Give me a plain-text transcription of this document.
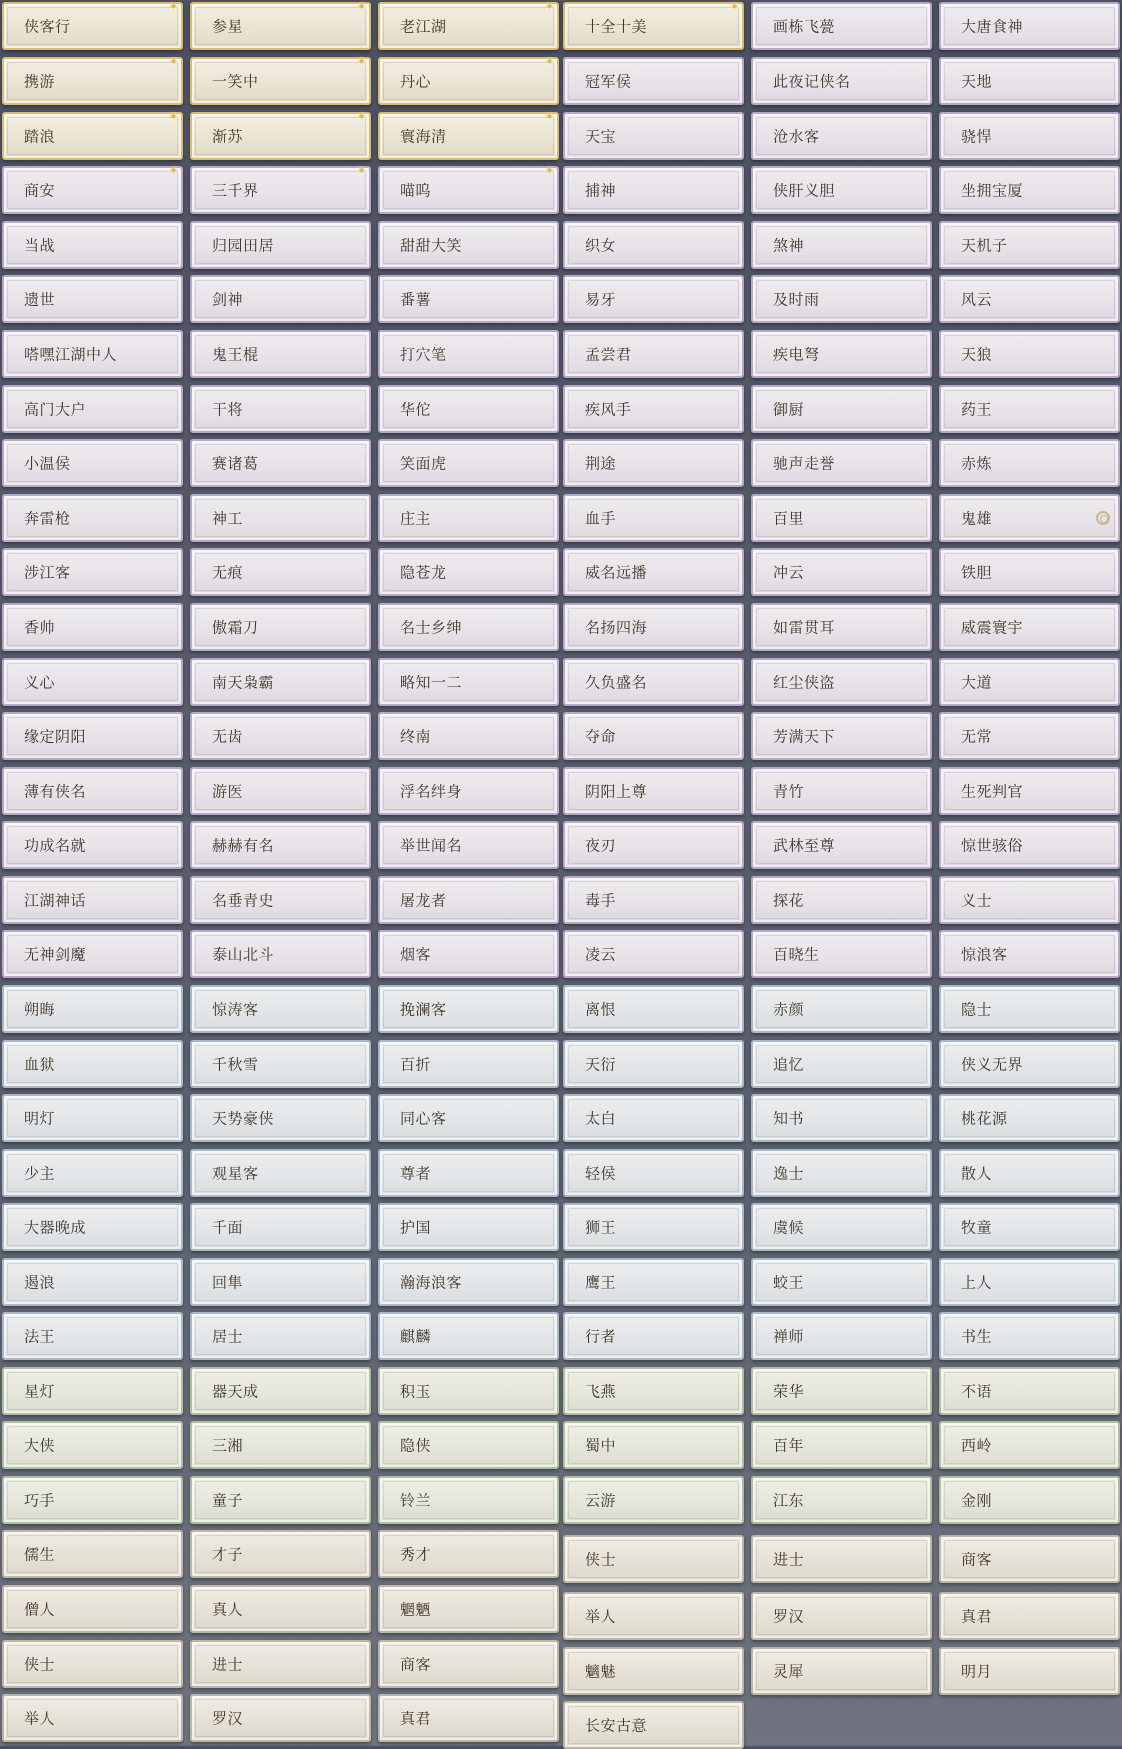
侠客行
✦
携游
✦
踏浪
✦
商安
✦
当战
遗世
嗒嘿江湖中人
高门大户
小温侯
奔雷枪
涉江客
香帅
义心
缘定阴阳
薄有侠名
功成名就
江湖神话
无神剑魔
朔晦
血狱
明灯
少主
大器晚成
遏浪
法王
星灯
大侠
巧手
儒生
僧人
侠士
举人
参星
✦
一笑中
✦
渐苏
✦
三千界
✦
归园田居
剑神
鬼王棍
干将
赛诸葛
神工
无痕
傲霜刀
南天枭霸
无齿
游医
赫赫有名
名垂青史
泰山北斗
惊涛客
千秋雪
天势豪侠
观星客
千面
回隼
居士
器天成
三湘
童子
才子
真人
进士
罗汉
老江湖
✦
丹心
✦
寰海清
✦
喵呜
✦
甜甜大笑
番薯
打穴笔
华佗
笑面虎
庄主
隐苍龙
名士乡绅
略知一二
终南
浮名绊身
举世闻名
屠龙者
烟客
挽澜客
百折
同心客
尊者
护国
瀚海浪客
麒麟
积玉
隐侠
铃兰
秀才
魍魉
商客
真君
十全十美
✦
冠军侯
天宝
捕神
织女
易牙
孟尝君
疾风手
荆途
血手
威名远播
名扬四海
久负盛名
夺命
阴阳上尊
夜刃
毒手
凌云
离恨
天衍
太白
轻侯
狮王
鹰王
行者
飞燕
蜀中
云游
侠士
举人
魑魅
长安古意
画栋飞甍
此夜记侠名
沧水客
侠肝义胆
煞神
及时雨
疾电弩
御厨
驰声走誉
百里
冲云
如雷贯耳
红尘侠盗
芳满天下
青竹
武林至尊
探花
百晓生
赤颜
追忆
知书
逸士
虞候
蛟王
禅师
荣华
百年
江东
进士
罗汉
灵犀
大唐食神
天地
骁悍
坐拥宝厦
天机子
风云
天狼
药王
赤炼
鬼雄
铁胆
威震寰宇
大道
无常
生死判官
惊世骇俗
义士
惊浪客
隐士
侠义无界
桃花源
散人
牧童
上人
书生
不语
西岭
金刚
商客
真君
明月
